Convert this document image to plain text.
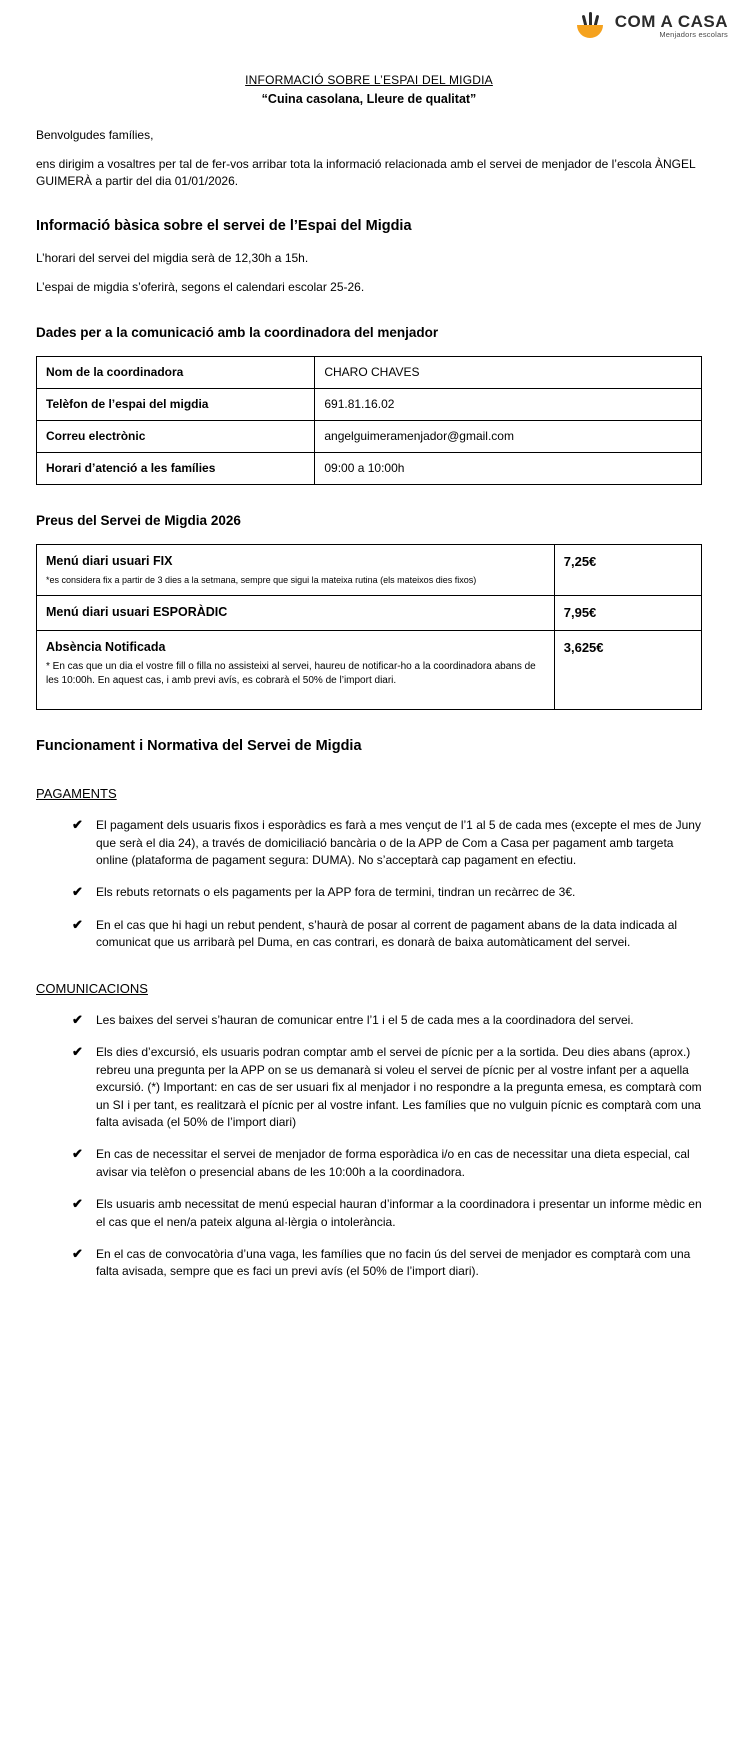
COM A CASA
Menjadors escolars
INFORMACIÓ SOBRE L’ESPAI DEL MIGDIA
“Cuina casolana, Lleure de qualitat”

Benvolgudes famílies,

ens dirigim a vosaltres per tal de fer-vos arribar tota la informació relacionada amb el servei de menjador de l’escola ÀNGEL GUIMERÀ a partir del dia 01/01/2026.

Informació bàsica sobre el servei de l’Espai del Migdia

L’horari del servei del migdia serà de 12,30h a 15h.

L’espai de migdia s’oferirà, segons el calendari escolar 25-26.

Dades per a la comunicació amb la coordinadora del menjador
Nom de la coordinadora	CHARO CHAVES
Telèfon de l’espai del migdia	691.81.16.02
Correu electrònic	angelguimeramenjador@gmail.com
Horari d’atenció a les famílies	09:00 a 10:00h
Preus del Servei de Migdia 2026
Menú diari usuari FIX
*es considera fix a partir de 3 dies a la setmana, sempre que sigui la mateixa rutina (els mateixos dies fixos)	7,25€

Menú diari usuari ESPORÀDIC	7,95€

Absència Notificada
* En cas que un dia el vostre fill o filla no assisteixi al servei, haureu de notificar-ho a la coordinadora abans de les 10:00h. En aquest cas, i amb previ avís, es cobrarà el 50% de l’import diari.	3,625€
Funcionament i Normativa del Servei de Migdia
PAGAMENTS
✔ El pagament dels usuaris fixos i esporàdics es farà a mes vençut de l’1 al 5 de cada mes (excepte el mes de Juny que serà el dia 24), a través de domiciliació bancària o de la APP de Com a Casa per pagament amb targeta online (plataforma de pagament segura: DUMA). No s’acceptarà cap pagament en efectiu.
✔ Els rebuts retornats o els pagaments per la APP fora de termini, tindran un recàrrec de 3€.
✔ En el cas que hi hagi un rebut pendent, s’haurà de posar al corrent de pagament abans de la data indicada al comunicat que us arribarà pel Duma, en cas contrari, es donarà de baixa automàticament del servei.
COMUNICACIONS
✔ Les baixes del servei s’hauran de comunicar entre l’1 i el 5 de cada mes a la coordinadora del servei.
✔ Els dies d’excursió, els usuaris podran comptar amb el servei de pícnic per a la sortida. Deu dies abans (aprox.) rebreu una pregunta per la APP on se us demanarà si voleu el servei de pícnic per al vostre infant per a aquella excursió. (*) Important: en cas de ser usuari fix al menjador i no respondre a la pregunta emesa, es comptarà com un SI i per tant, es realitzarà el pícnic per al vostre infant. Les famílies que no vulguin pícnic es comptarà com una falta avisada (el 50% de l’import diari)
✔ En cas de necessitar el servei de menjador de forma esporàdica i/o en cas de necessitar una dieta especial, cal avisar via telèfon o presencial abans de les 10:00h a la coordinadora.
✔ Els usuaris amb necessitat de menú especial hauran d’informar a la coordinadora i presentar un informe mèdic en el cas que el nen/a pateix alguna al·lèrgia o intolerància.
✔ En el cas de convocatòria d’una vaga, les famílies que no facin ús del servei de menjador es comptarà com una falta avisada, sempre que es faci un previ avís (el 50% de l’import diari).
